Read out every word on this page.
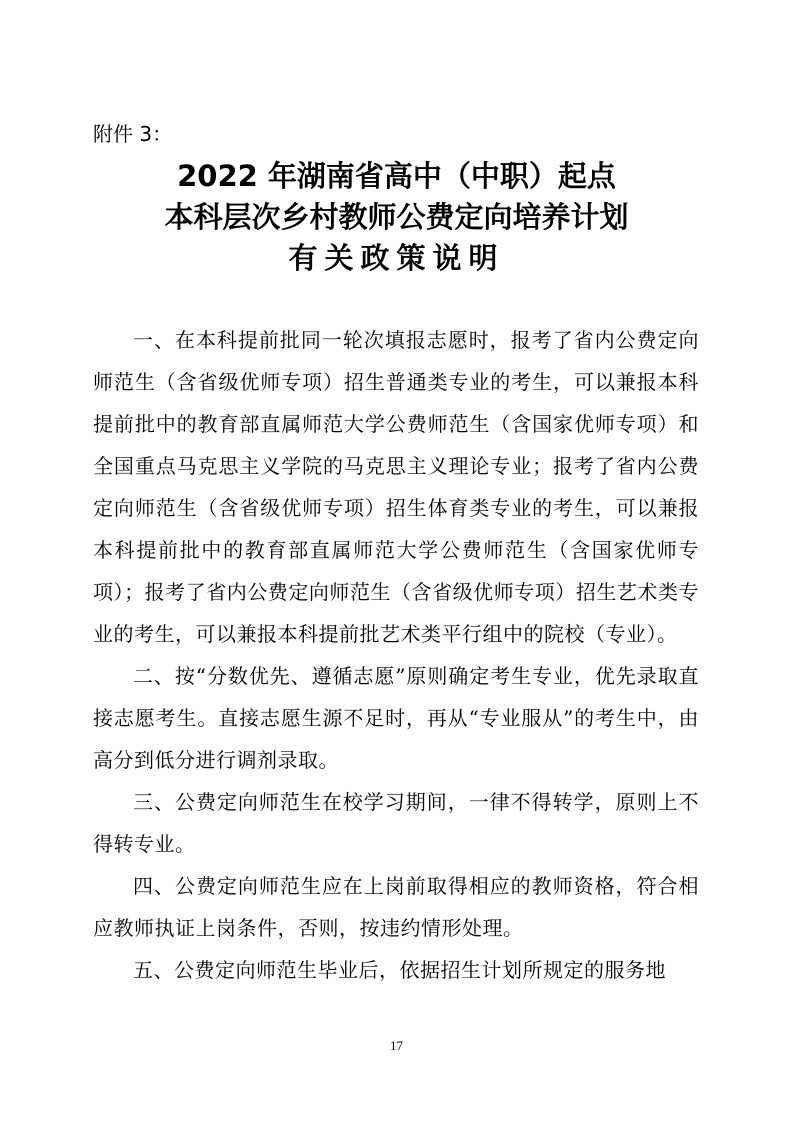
附件 3：
2022 年湖南省高中（中职）起点
本科层次乡村教师公费定向培养计划
有关政策说明

一、在本科提前批同一轮次填报志愿时，报考了省内公费定向师范生（含省级优师专项）招生普通类专业的考生，可以兼报本科提前批中的教育部直属师范大学公费师范生（含国家优师专项）和全国重点马克思主义学院的马克思主义理论专业；报考了省内公费定向师范生（含省级优师专项）招生体育类专业的考生，可以兼报本科提前批中的教育部直属师范大学公费师范生（含国家优师专项）；报考了省内公费定向师范生（含省级优师专项）招生艺术类专业的考生，可以兼报本科提前批艺术类平行组中的院校（专业）。

二、按“分数优先、遵循志愿”原则确定考生专业，优先录取直接志愿考生。直接志愿生源不足时，再从“专业服从”的考生中，由高分到低分进行调剂录取。

三、公费定向师范生在校学习期间，一律不得转学，原则上不得转专业。

四、公费定向师范生应在上岗前取得相应的教师资格，符合相应教师执证上岗条件，否则，按违约情形处理。

五、公费定向师范生毕业后，依据招生计划所规定的服务地

17
